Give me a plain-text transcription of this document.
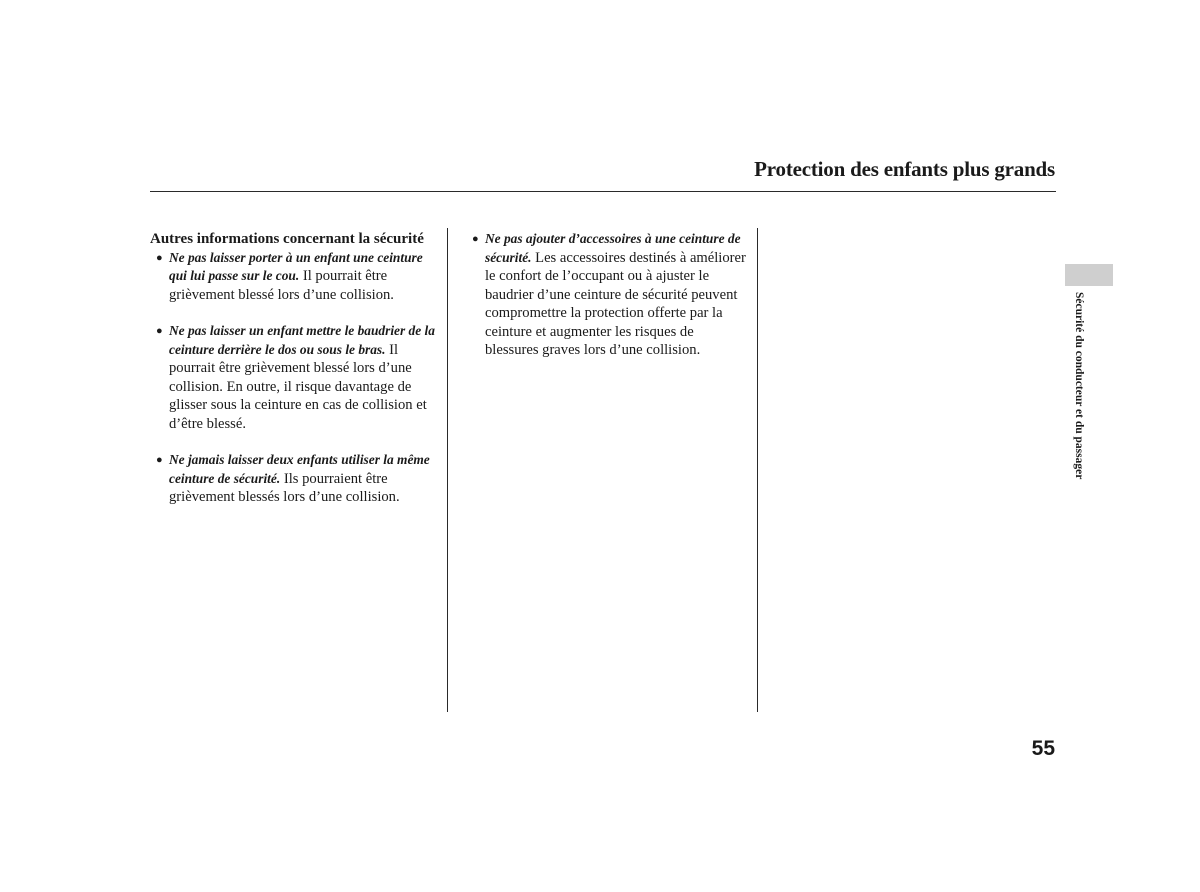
Protection des enfants plus grands
Autres informations concernant la sécurité
● Ne pas laisser porter à un enfant une ceinture qui lui passe sur le cou. Il pourrait être grièvement blessé lors d’une collision.
● Ne pas laisser un enfant mettre le baudrier de la ceinture derrière le dos ou sous le bras. Il pourrait être grièvement blessé lors d’une collision. En outre, il risque davantage de glisser sous la ceinture en cas de collision et d’être blessé.
● Ne jamais laisser deux enfants utiliser la même ceinture de sécurité. Ils pourraient être grièvement blessés lors d’une collision.
● Ne pas ajouter d’accessoires à une ceinture de sécurité. Les accessoires destinés à améliorer le confort de l’occupant ou à ajuster le baudrier d’une ceinture de sécurité peuvent compromettre la protection offerte par la ceinture et augmenter les risques de blessures graves lors d’une collision.	Sécurité du conducteur et du passager
55
